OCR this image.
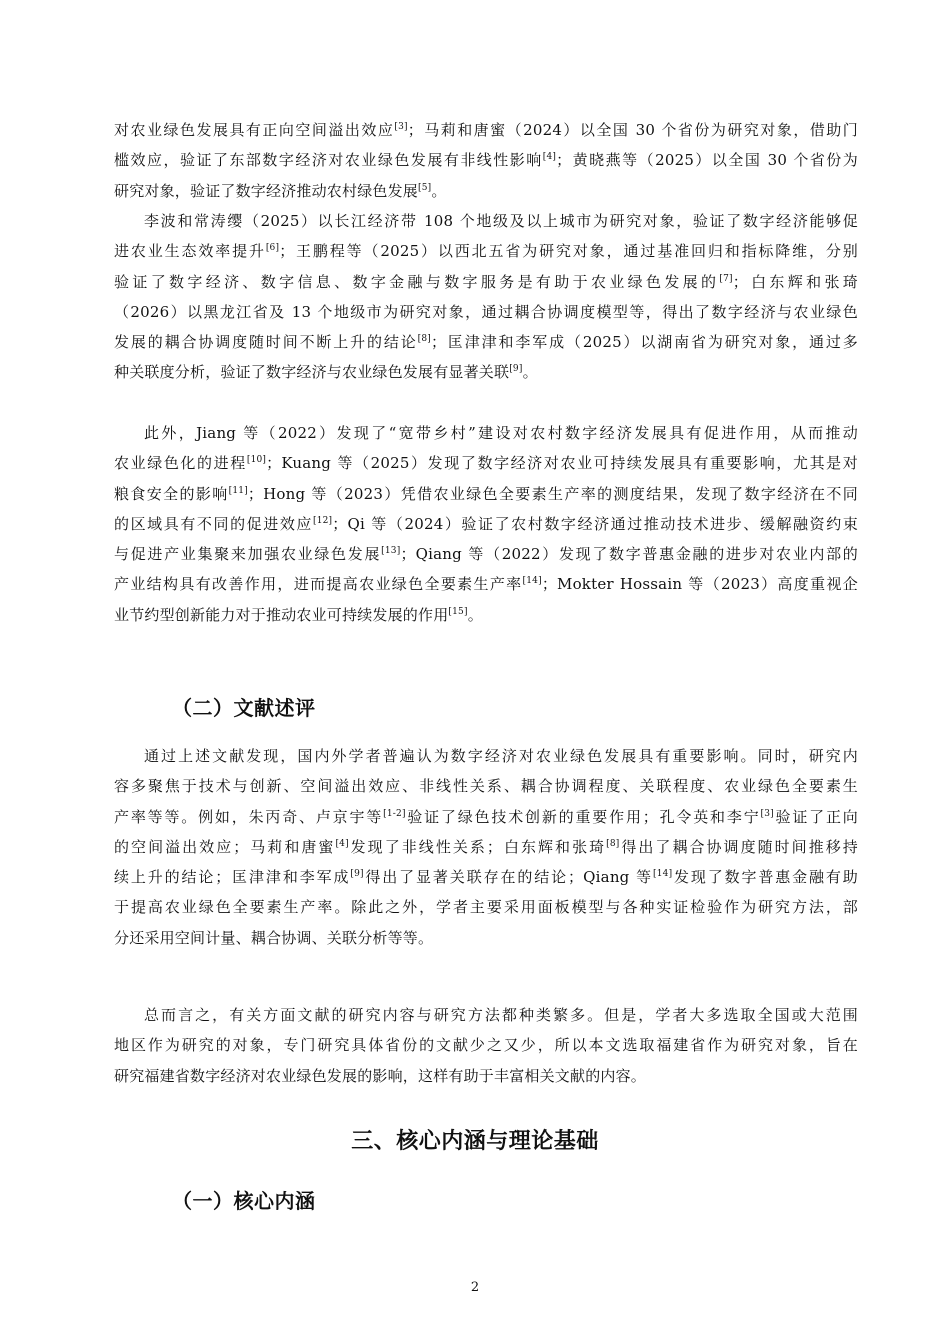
对农业绿色发展具有正向空间溢出效应[3]；马莉和唐蜜（2024）以全国 30 个省份为研究对象，借助门
槛效应，验证了东部数字经济对农业绿色发展有非线性影响[4]；黄晓燕等（2025）以全国 30 个省份为
研究对象，验证了数字经济推动农村绿色发展[5]。
李波和常涛缨（2025）以长江经济带 108 个地级及以上城市为研究对象，验证了数字经济能够促
进农业生态效率提升[6]；王鹏程等（2025）以西北五省为研究对象，通过基准回归和指标降维，分别
验证了数字经济、数字信息、数字金融与数字服务是有助于农业绿色发展的[7]；白东辉和张琦
（2026）以黑龙江省及 13 个地级市为研究对象，通过耦合协调度模型等，得出了数字经济与农业绿色
发展的耦合协调度随时间不断上升的结论[8]；匡津津和李军成（2025）以湖南省为研究对象，通过多
种关联度分析，验证了数字经济与农业绿色发展有显著关联[9]。
此外，Jiang 等（2022）发现了“宽带乡村”建设对农村数字经济发展具有促进作用，从而推动
农业绿色化的进程[10]；Kuang 等（2025）发现了数字经济对农业可持续发展具有重要影响，尤其是对
粮食安全的影响[11]；Hong 等（2023）凭借农业绿色全要素生产率的测度结果，发现了数字经济在不同
的区域具有不同的促进效应[12]；Qi 等（2024）验证了农村数字经济通过推动技术进步、缓解融资约束
与促进产业集聚来加强农业绿色发展[13]；Qiang 等（2022）发现了数字普惠金融的进步对农业内部的
产业结构具有改善作用，进而提高农业绿色全要素生产率[14]；Mokter Hossain 等（2023）高度重视企
业节约型创新能力对于推动农业可持续发展的作用[15]。
（二）文献述评
通过上述文献发现，国内外学者普遍认为数字经济对农业绿色发展具有重要影响。同时，研究内
容多聚焦于技术与创新、空间溢出效应、非线性关系、耦合协调程度、关联程度、农业绿色全要素生
产率等等。例如，朱丙奇、卢京宇等[1-2]验证了绿色技术创新的重要作用；孔令英和李宁[3]验证了正向
的空间溢出效应；马莉和唐蜜[4]发现了非线性关系；白东辉和张琦[8]得出了耦合协调度随时间推移持
续上升的结论；匡津津和李军成[9]得出了显著关联存在的结论；Qiang 等[14]发现了数字普惠金融有助
于提高农业绿色全要素生产率。除此之外，学者主要采用面板模型与各种实证检验作为研究方法，部
分还采用空间计量、耦合协调、关联分析等等。
总而言之，有关方面文献的研究内容与研究方法都种类繁多。但是，学者大多选取全国或大范围
地区作为研究的对象，专门研究具体省份的文献少之又少，所以本文选取福建省作为研究对象，旨在
研究福建省数字经济对农业绿色发展的影响，这样有助于丰富相关文献的内容。
三、核心内涵与理论基础
（一）核心内涵
2
